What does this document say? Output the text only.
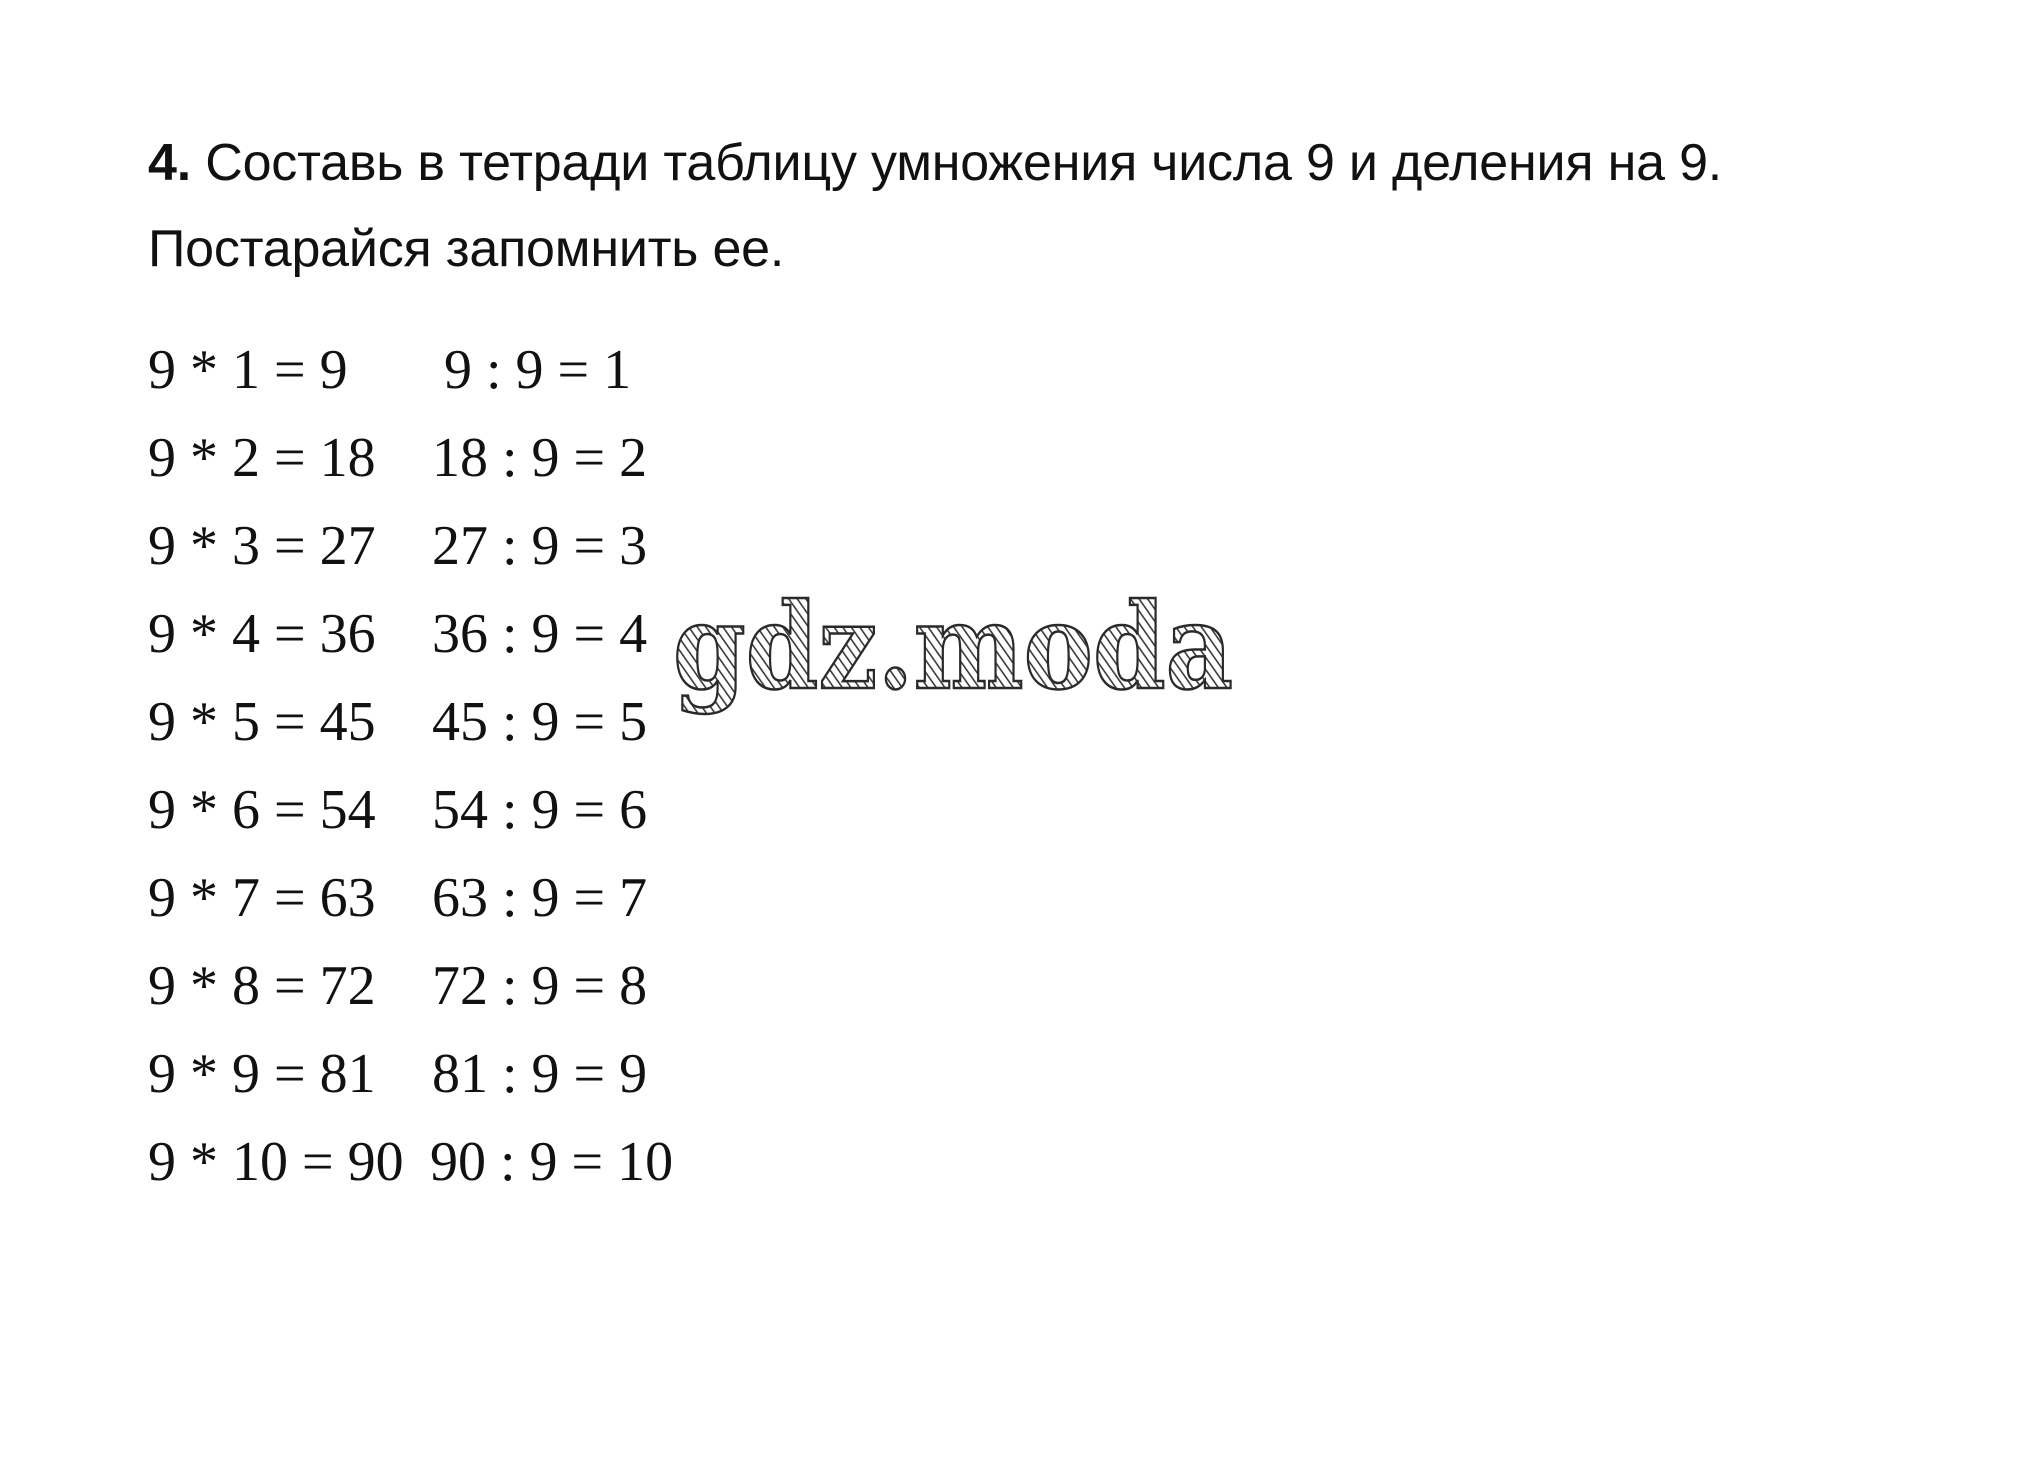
4. Составь в тетради таблицу умножения числа 9 и деления на 9.
Постарайся запомнить ее.

9 * 1 = 9

9 : 9 = 1

9 * 2 = 18

18 : 9 = 2

9 * 3 = 27

27 : 9 = 3

9 * 4 = 36

36 : 9 = 4

9 * 5 = 45

45 : 9 = 5

9 * 6 = 54

54 : 9 = 6

9 * 7 = 63

63 : 9 = 7

9 * 8 = 72

72 : 9 = 8

9 * 9 = 81

81 : 9 = 9

9 * 10 = 90

90 : 9 = 10

gdz.moda
